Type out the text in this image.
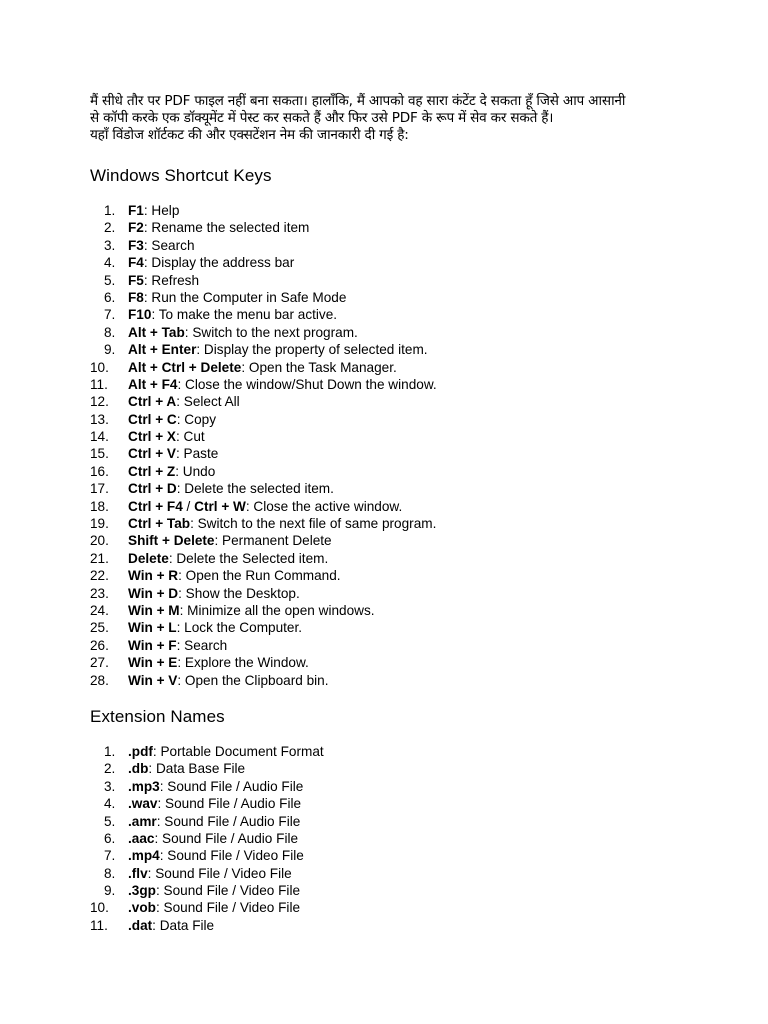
मैं सीधे तौर पर PDF फाइल नहीं बना सकता। हालाँकि, मैं आपको वह सारा कंटेंट दे सकता हूँ जिसे आप आसानी
से कॉपी करके एक डॉक्यूमेंट में पेस्ट कर सकते हैं और फिर उसे PDF के रूप में सेव कर सकते हैं।
यहाँ विंडोज शॉर्टकट की और एक्सटेंशन नेम की जानकारी दी गई है:

Windows Shortcut Keys
1. F1: Help
2. F2: Rename the selected item
3. F3: Search
4. F4: Display the address bar
5. F5: Refresh
6. F8: Run the Computer in Safe Mode
7. F10: To make the menu bar active.
8. Alt + Tab: Switch to the next program.
9. Alt + Enter: Display the property of selected item.
10. Alt + Ctrl + Delete: Open the Task Manager.
11. Alt + F4: Close the window/Shut Down the window.
12. Ctrl + A: Select All
13. Ctrl + C: Copy
14. Ctrl + X: Cut
15. Ctrl + V: Paste
16. Ctrl + Z: Undo
17. Ctrl + D: Delete the selected item.
18. Ctrl + F4 / Ctrl + W: Close the active window.
19. Ctrl + Tab: Switch to the next file of same program.
20. Shift + Delete: Permanent Delete
21. Delete: Delete the Selected item.
22. Win + R: Open the Run Command.
23. Win + D: Show the Desktop.
24. Win + M: Minimize all the open windows.
25. Win + L: Lock the Computer.
26. Win + F: Search
27. Win + E: Explore the Window.
28. Win + V: Open the Clipboard bin.
Extension Names
1. .pdf: Portable Document Format
2. .db: Data Base File
3. .mp3: Sound File / Audio File
4. .wav: Sound File / Audio File
5. .amr: Sound File / Audio File
6. .aac: Sound File / Audio File
7. .mp4: Sound File / Video File
8. .flv: Sound File / Video File
9. .3gp: Sound File / Video File
10. .vob: Sound File / Video File
11. .dat: Data File
